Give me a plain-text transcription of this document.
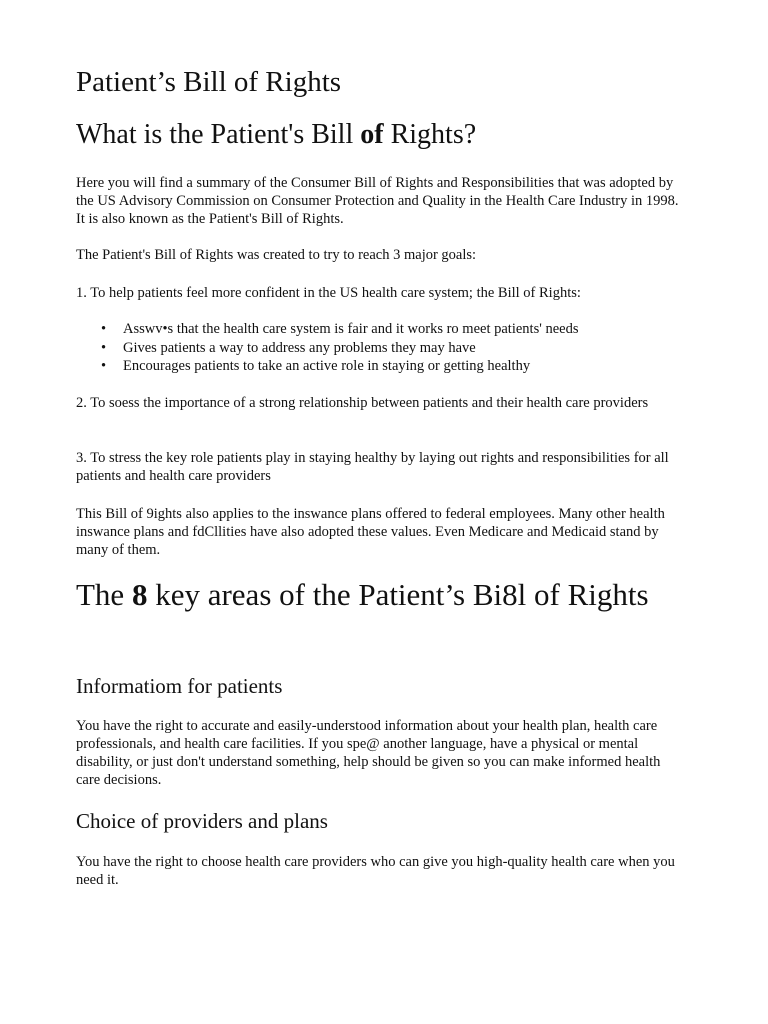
Patient’s Bill of Rights
What is the Patient's Bill of Rights?

Here you will find a summary of the Consumer Bill of Rights and Responsibilities that was adopted by the US Advisory Commission on Consumer Protection and Quality in the Health Care Industry in 1998. It is also known as the Patient's Bill of Rights.

The Patient's Bill of Rights was created to try to reach 3 major goals:

1. To help patients feel more confident in the US health care system; the Bill of Rights:

• Asswv•s that the health care system is fair and it works ro meet patients' needs
• Gives patients a way to address any problems they may have
• Encourages patients to take an active role in staying or getting healthy

2. To soess the importance of a strong relationship between patients and their health care providers

3. To stress the key role patients play in staying healthy by laying out rights and responsibilities for all patients and health care providers

This Bill of 9ights also applies to the inswance plans offered to federal employees. Many other health inswance plans and fdCllities have also adopted these values. Even Medicare and Medicaid stand by many of them.

The 8 key areas of the Patient’s Bi8l of Rights
Informatiom for patients

You have the right to accurate and easily-understood information about your health plan, health care professionals, and health care facilities. If you spe@ another language, have a physical or mental disability, or just don't understand something, help should be given so you can make informed health care decisions.

Choice of providers and plans

You have the right to choose health care providers who can give you high-quality health care when you need it.
